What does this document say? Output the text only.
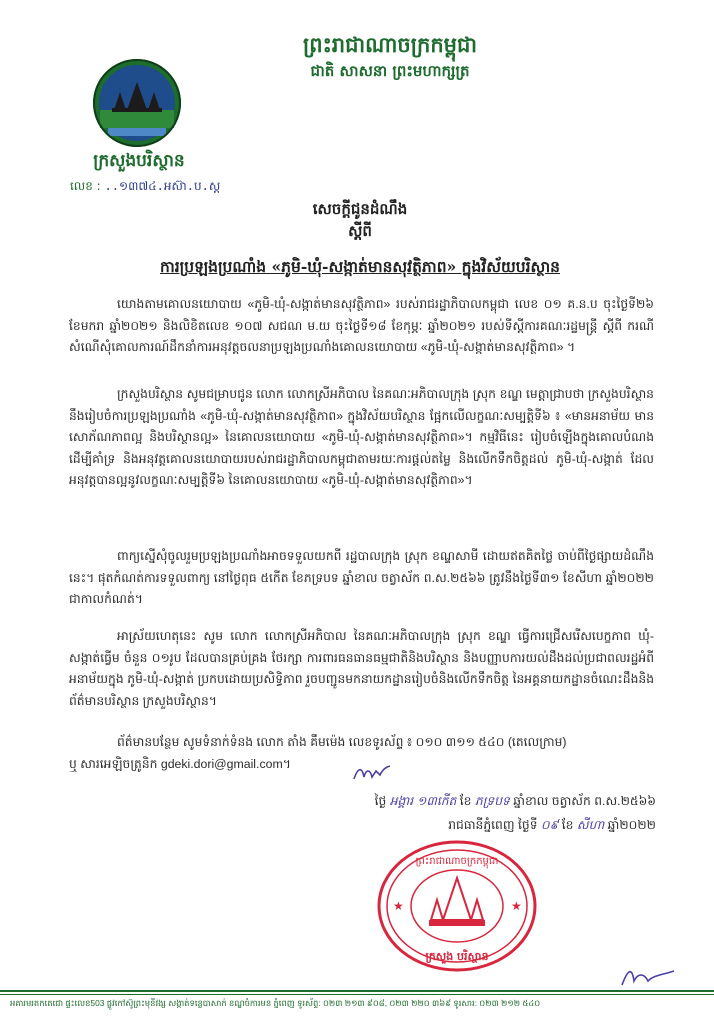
ព្រះរាជាណាចក្រកម្ពុជា
ជាតិ សាសនា ព្រះមហាក្សត្រ
ក្រសួងបរិស្ថាន
លេខ : ..១៣៧៤.អស៊ា.ប.ស្ត
សេចក្តីជូនដំណឹង
ស្តីពី
ការប្រឡងប្រណាំង «ភូមិ-ឃុំ-សង្កាត់មានសុវត្ថិភាព» ក្នុងវិស័យបរិស្ថាន
យោងតាមគោលនយោបាយ «ភូមិ-ឃុំ-សង្កាត់មានសុវត្ថិភាព» របស់រាជរដ្ឋាភិបាលកម្ពុជា លេខ ០១ គ.ន.ប ចុះថ្ងៃទី២៦ ខែមករា ឆ្នាំ២០២១ និងលិខិតលេខ ១០៧ សជណ ម.យ ចុះថ្ងៃទី១៨ ខែកុម្ភៈ ឆ្នាំ២០២១ របស់ទីស្តីការគណៈរដ្ឋមន្ត្រី ស្តីពី ករណីសំណើសុំគោលការណ៍ដឹកនាំការអនុវត្តចលនាប្រឡងប្រណាំងគោលនយោបាយ «ភូមិ-ឃុំ-សង្កាត់មានសុវត្ថិភាព» ។
ក្រសួងបរិស្ថាន សូមជម្រាបជូន លោក លោកស្រីអភិបាល នៃគណៈអភិបាលក្រុង ស្រុក ខណ្ឌ មេត្តាជ្រាបថា ក្រសួងបរិស្ថាន នឹងរៀបចំការប្រឡងប្រណាំង «ភូមិ-ឃុំ-សង្កាត់មានសុវត្ថិភាព» ក្នុងវិស័យបរិស្ថាន ផ្អែកលើលក្ខណៈសម្បត្តិទី៦ ៖ «មានអនាម័យ មានសោភ័ណភាពល្អ និងបរិស្ថានល្អ» នៃគោលនយោបាយ «ភូមិ-ឃុំ-សង្កាត់មានសុវត្ថិភាព»។ កម្មវិធីនេះ រៀបចំឡើងក្នុងគោលបំណង ដើម្បីគាំទ្រ និងអនុវត្តគោលនយោបាយរបស់រាជរដ្ឋាភិបាលកម្ពុជាតាមរយៈការផ្តល់តម្លៃ និងលើកទឹកចិត្តដល់ ភូមិ-ឃុំ-សង្កាត់ ដែលអនុវត្តបានល្អនូវលក្ខណៈសម្បត្តិទី៦ នៃគោលនយោបាយ «ភូមិ-ឃុំ-សង្កាត់មានសុវត្ថិភាព»។
ពាក្យស្នើសុំចូលរួមប្រឡងប្រណាំងអាចទទួលយកពី រដ្ឋបាលក្រុង ស្រុក ខណ្ឌសាមី ដោយឥតគិតថ្លៃ ចាប់ពីថ្ងៃផ្សាយដំណឹងនេះ។ ផុតកំណត់ការទទួលពាក្យ នៅថ្ងៃពុធ ៥កើត ខែភទ្របទ ឆ្នាំខាល ចត្វាស័ក ព.ស.២៥៦៦ ត្រូវនឹងថ្ងៃទី៣១ ខែសីហា ឆ្នាំ២០២២ ជាកាលកំណត់។
អាស្រ័យហេតុនេះ សូម លោក លោកស្រីអភិបាល នៃគណៈអភិបាលក្រុង ស្រុក ខណ្ឌ ធ្វើការជ្រើសរើសបេក្ខភាព ឃុំ-សង្កាត់ធ្វើម ចំនួន ០១រូប ដែលបានគ្រប់គ្រង ថែរក្សា ការពារធនធានធម្មជាតិនិងបរិស្ថាន និងបញ្ញាបការយល់ដឹងដល់ប្រជាពលរដ្ឋអំពីអនាម័យក្នុង ភូមិ-ឃុំ-សង្កាត់ ប្រកបដោយប្រសិទ្ធិភាព រួចបញ្ជូនមកនាយកដ្ឋានរៀបចំនិងលើកទឹកចិត្ត នៃអគ្គនាយកដ្ឋានចំណេះដឹងនិងព័ត៌មានបរិស្ថាន ក្រសួងបរិស្ថាន។
ព័ត៌មានបន្ថែម សូមទំនាក់ទំនង លោក តាំង គឹមម៉េង លេខទូរស័ព្ទ ៖ ០១០ ៣១១ ៥៤០ (តេលេក្រាម)
ឬ សារអេឡិចត្រូនិក gdeki.dori@gmail.com។
ថ្ងៃ អង្គារ ១៣កើត ខែ ភទ្របទ ឆ្នាំខាល ចត្វាស័ក ព.ស.២៥៦៦
រាជធានីភ្នំពេញ ថ្ងៃទី ០៩ ខែ សីហា ឆ្នាំ២០២២
ព្រះរាជាណាចក្រកម្ពុជា
ក្រសួង បរិស្ថាន
★	★
អគារមរតកតេជោ ផ្ទះលេខ503 ផ្លូវកៅស៊ូព្រះមុនីវង្ស សង្កាត់ទន្លេបាសាក់ ខណ្ឌចំការមន ភ្នំពេញ ទូរស័ព្ទ: ០២៣ ២១៣ ៩០៨, ០២៣ ២២០ ៣៦៩ ទូរសារ: ០២៣ ២១២ ៥៤០
